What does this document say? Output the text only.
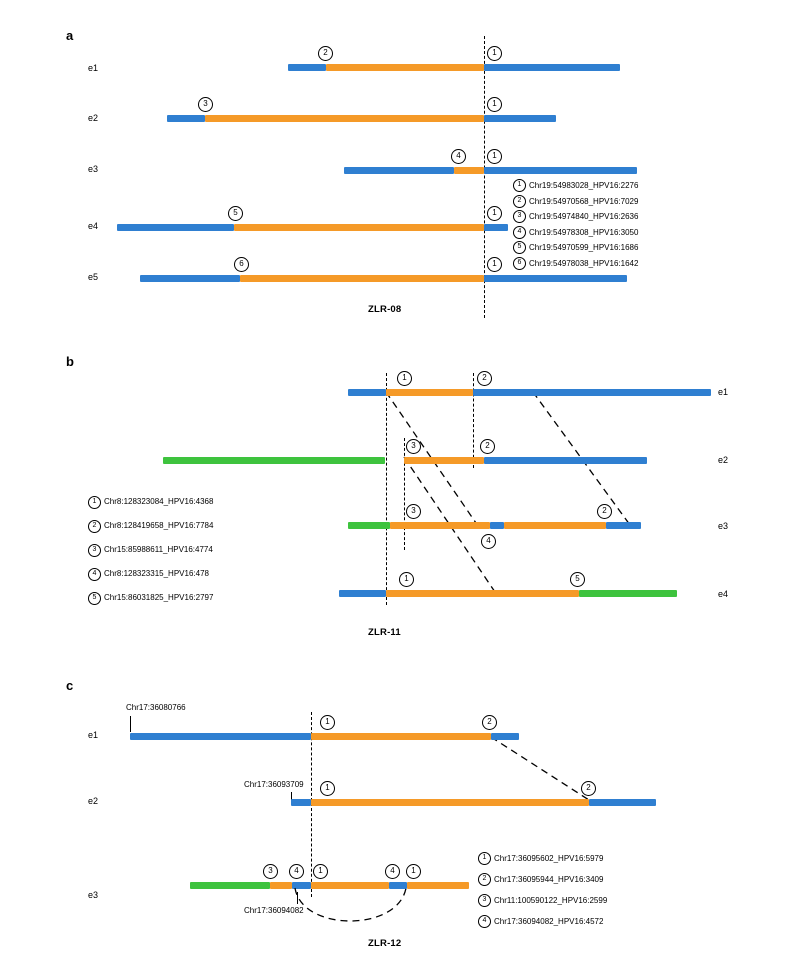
a
e1
e2
e3
e4
e5
2	1
3	1
4	1
5	1
6	1
1 Chr19:54983028_HPV16:2276
2 Chr19:54970568_HPV16:7029
3 Chr19:54974840_HPV16:2636
4 Chr19:54978308_HPV16:3050
5 Chr19:54970599_HPV16:1686
6 Chr19:54978038_HPV16:1642
ZLR-08
b
e1
e2
e3
e4
1	2
3	2
3
4
2
1	5
1 Chr8:128323084_HPV16:4368
2 Chr8:128419658_HPV16:7784
3 Chr15:85988611_HPV16:4774
4 Chr8:128323315_HPV16:478
5 Chr15:86031825_HPV16:2797
ZLR-11
c
e1
e2
e3
Chr17:36080766
Chr17:36093709
Chr17:36094082
1	2
1	2
3	4	1	4	1
1 Chr17:36095602_HPV16:5979
2 Chr17:36095944_HPV16:3409
3 Chr11:100590122_HPV16:2599
4 Chr17:36094082_HPV16:4572
ZLR-12
